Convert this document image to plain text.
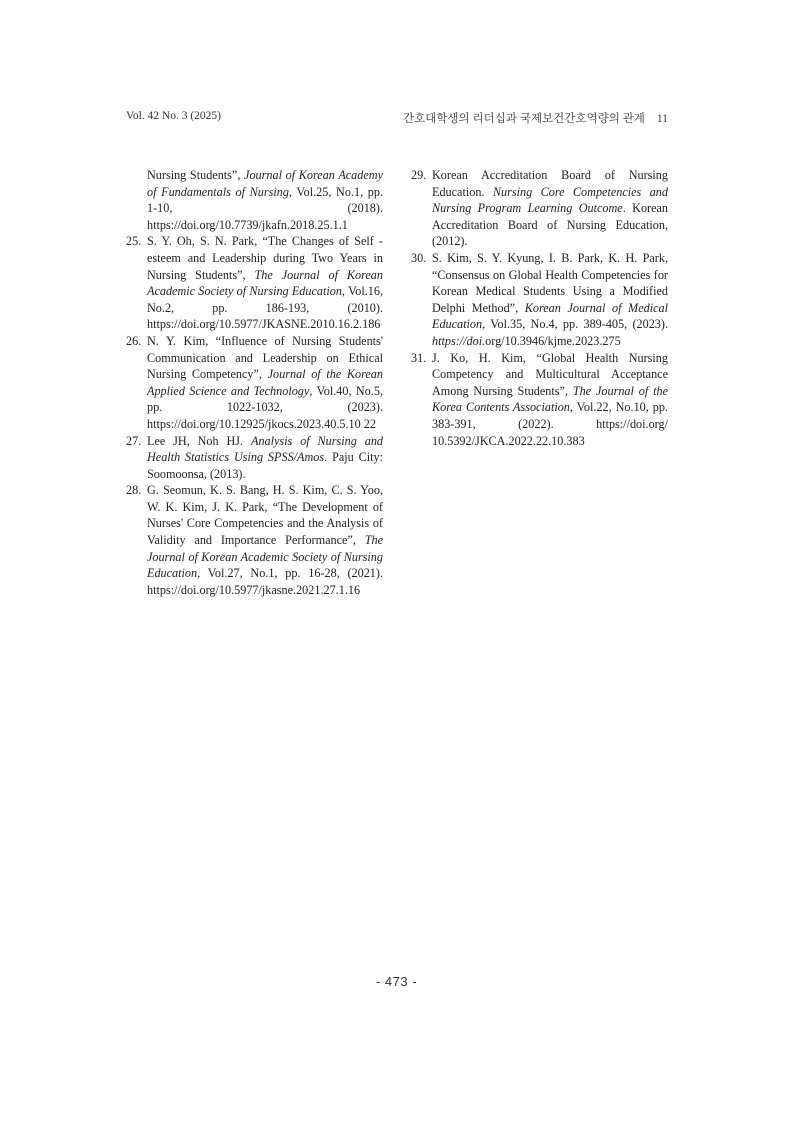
Vol. 42 No. 3 (2025)	간호대학생의 리더십과 국제보건간호역량의 관계 11
Nursing Students”, Journal of Korean Academy of Fundamentals of Nursing, Vol.25, No.1, pp. 1-10, (2018). https://doi.org/10.7739/jkafn.2018.25.1.1
25. S. Y. Oh, S. N. Park, “The Changes of Self - esteem and Leadership during Two Years in Nursing Students”, The Journal of Korean Academic Society of Nursing Education, Vol.16, No.2, pp. 186-193, (2010). https://doi.org/10.5977/JKASNE.2010.16.2.186
26. N. Y. Kim, “Influence of Nursing Students' Communication and Leadership on Ethical Nursing Competency”, Journal of the Korean Applied Science and Technology, Vol.40, No.5, pp. 1022-1032, (2023). https://doi.org/10.12925/jkocs.2023.40.5.10 22
27. Lee JH, Noh HJ. Analysis of Nursing and Health Statistics Using SPSS/Amos. Paju City: Soomoonsa, (2013).
28. G. Seomun, K. S. Bang, H. S. Kim, C. S. Yoo, W. K. Kim, J. K. Park, “The Development of Nurses' Core Competencies and the Analysis of Validity and Importance Performance”, The Journal of Korean Academic Society of Nursing Education, Vol.27, No.1, pp. 16-28, (2021). https://doi.org/10.5977/jkasne.2021.27.1.16
29. Korean Accreditation Board of Nursing Education. Nursing Core Competencies and Nursing Program Learning Outcome. Korean Accreditation Board of Nursing Education, (2012).
30. S. Kim, S. Y. Kyung, I. B. Park, K. H. Park, “Consensus on Global Health Competencies for Korean Medical Students Using a Modified Delphi Method”, Korean Journal of Medical Education, Vol.35, No.4, pp. 389-405, (2023). https://doi.org/10.3946/kjme.2023.275
31. J. Ko, H. Kim, “Global Health Nursing Competency and Multicultural Acceptance Among Nursing Students”, The Journal of the Korea Contents Association, Vol.22, No.10, pp. 383-391, (2022). https://doi.org/ 10.5392/JKCA.2022.22.10.383
- 473 -
